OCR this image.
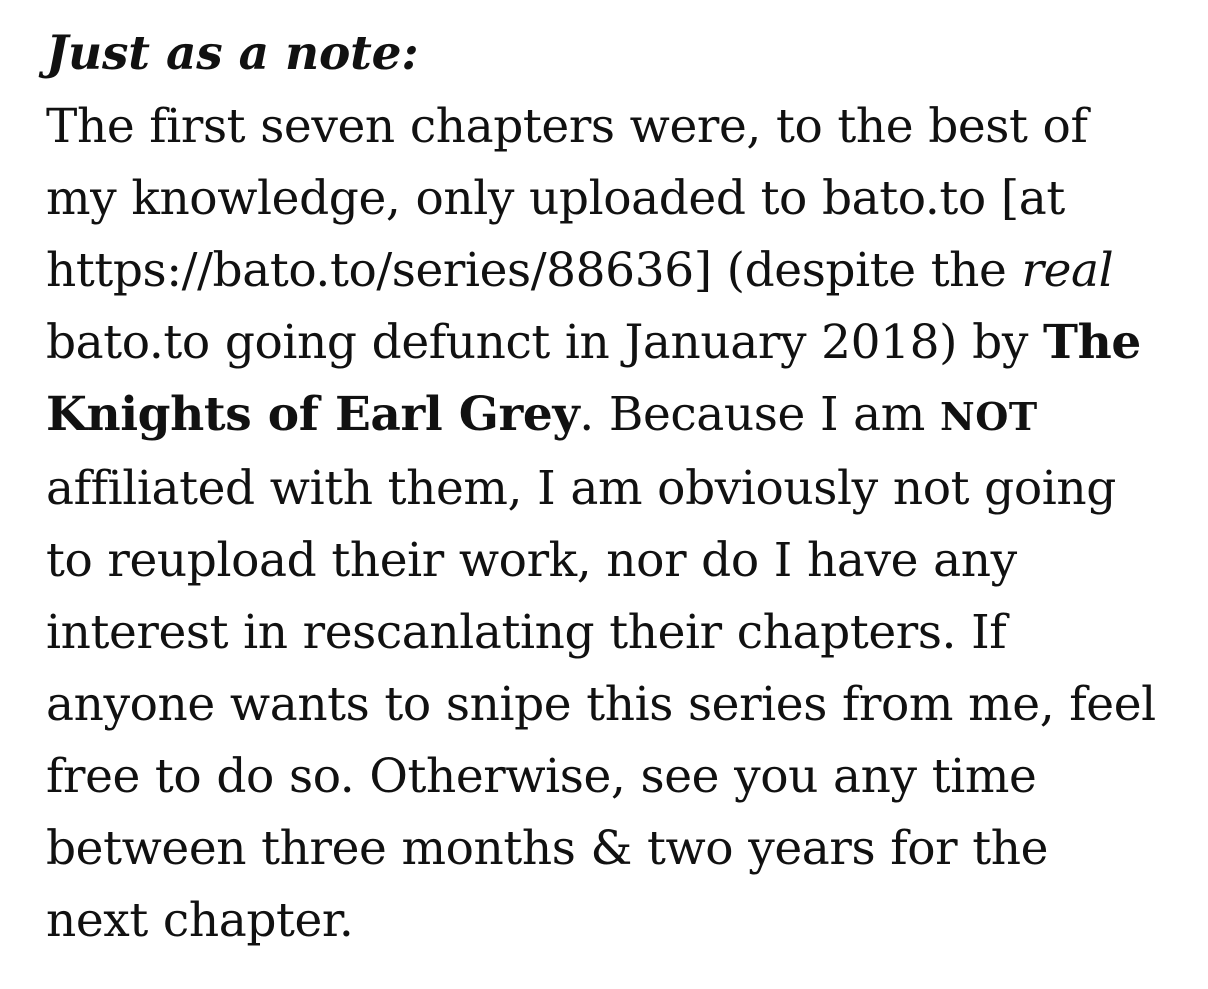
Just as a note:

The first seven chapters were, to the best of my knowledge, only uploaded to bato.to [at https://bato.to/series/88636] (despite the real bato.to going defunct in January 2018) by The Knights of Earl Grey. Because I am NOT affiliated with them, I am obviously not going to reupload their work, nor do I have any interest in rescanlating their chapters. If anyone wants to snipe this series from me, feel free to do so. Otherwise, see you any time between three months & two years for the next chapter.
